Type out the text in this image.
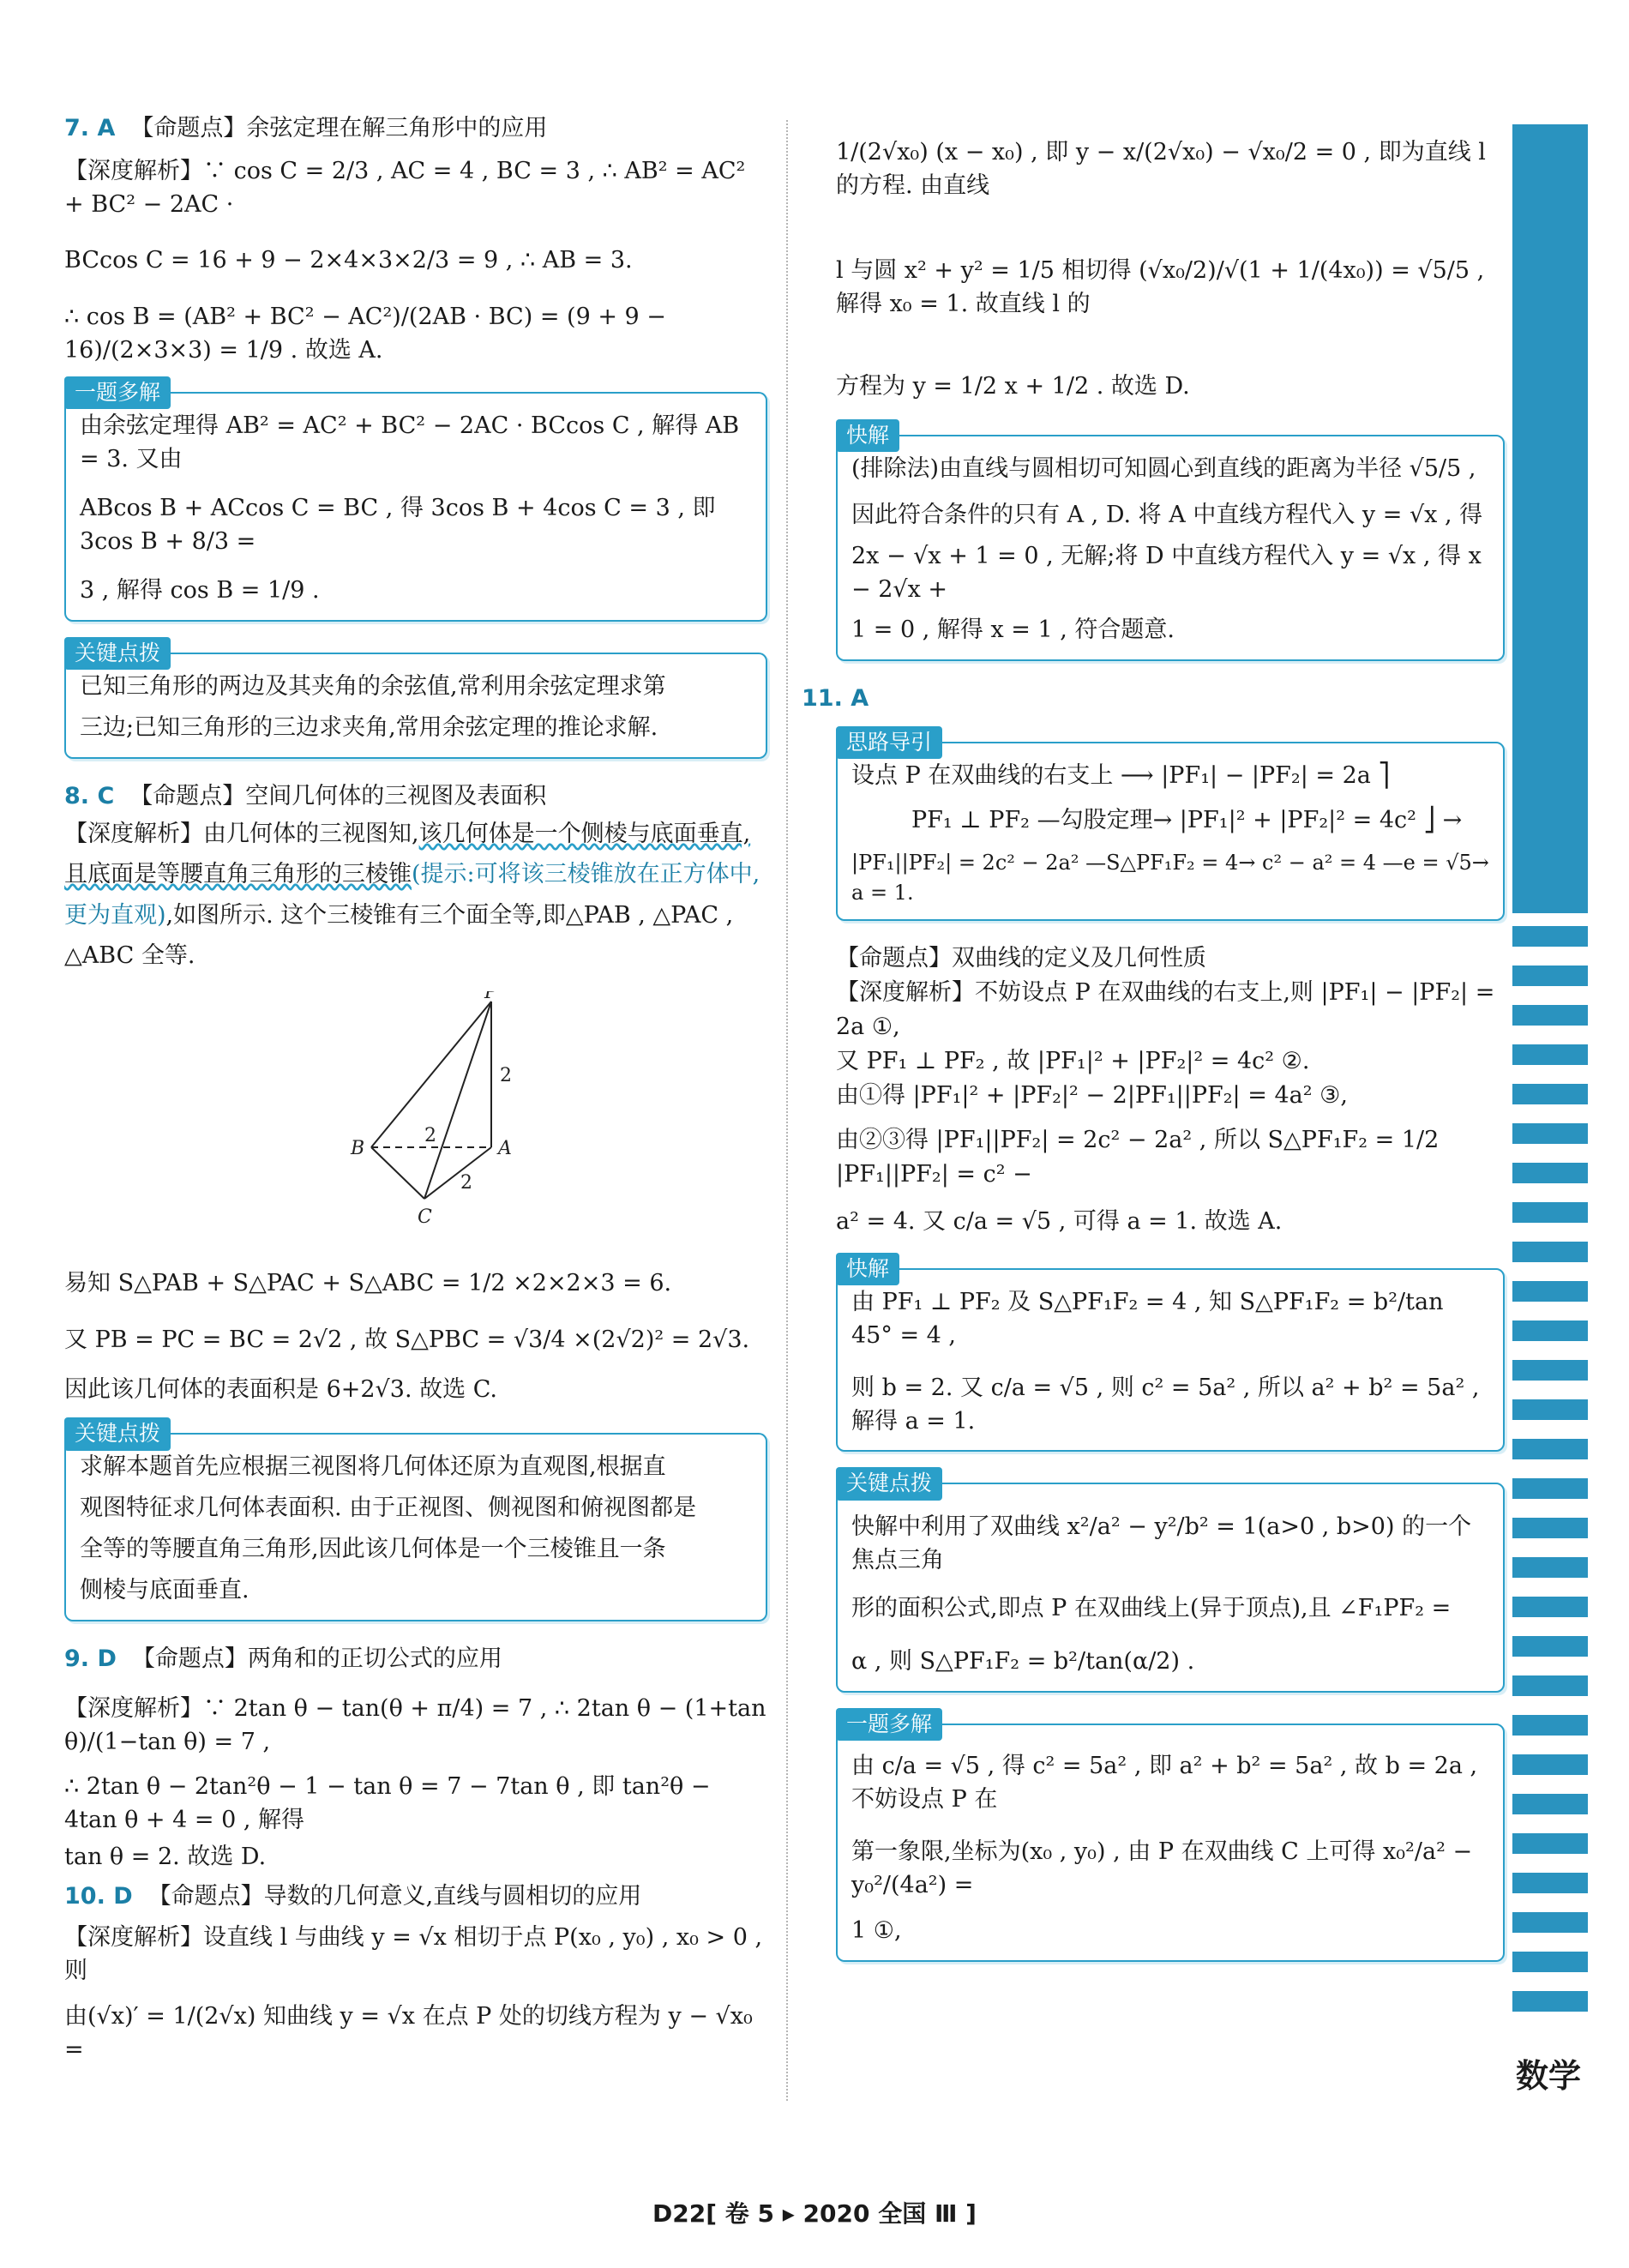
7. A 【命题点】余弦定理在解三角形中的应用
【深度解析】∵ cos C = 2/3 , AC = 4 , BC = 3 , ∴ AB² = AC² + BC² − 2AC ·
BCcos C = 16 + 9 − 2×4×3×2/3 = 9 , ∴ AB = 3.
∴ cos B = (AB² + BC² − AC²)/(2AB · BC) = (9 + 9 − 16)/(2×3×3) = 1/9 . 故选 A.
一题多解
由余弦定理得 AB² = AC² + BC² − 2AC · BCcos C , 解得 AB = 3. 又由
ABcos B + ACcos C = BC , 得 3cos B + 4cos C = 3 , 即 3cos B + 8/3 =
3 , 解得 cos B = 1/9 .
关键点拨
已知三角形的两边及其夹角的余弦值,常利用余弦定理求第
三边;已知三角形的三边求夹角,常用余弦定理的推论求解.
8. C 【命题点】空间几何体的三视图及表面积
【深度解析】由几何体的三视图知,该几何体是一个侧棱与底面垂直,且底面是等腰直角三角形的三棱锥(提示:可将该三棱锥放在正方体中,更为直观),如图所示. 这个三棱锥有三个面全等,即△PAB , △PAC , △ABC 全等.
P
A
B
C
2
2
2
易知 S△PAB + S△PAC + S△ABC = 1/2 ×2×2×3 = 6.
又 PB = PC = BC = 2√2 , 故 S△PBC = √3/4 ×(2√2)² = 2√3.
因此该几何体的表面积是 6+2√3. 故选 C.
关键点拨
求解本题首先应根据三视图将几何体还原为直观图,根据直
观图特征求几何体表面积. 由于正视图、侧视图和俯视图都是
全等的等腰直角三角形,因此该几何体是一个三棱锥且一条
侧棱与底面垂直.
9. D 【命题点】两角和的正切公式的应用
【深度解析】∵ 2tan θ − tan(θ + π/4) = 7 , ∴ 2tan θ − (1+tan θ)/(1−tan θ) = 7 ,
∴ 2tan θ − 2tan²θ − 1 − tan θ = 7 − 7tan θ , 即 tan²θ − 4tan θ + 4 = 0 , 解得
tan θ = 2. 故选 D.
10. D 【命题点】导数的几何意义,直线与圆相切的应用
【深度解析】设直线 l 与曲线 y = √x 相切于点 P(x₀ , y₀) , x₀ > 0 , 则
由(√x)′ = 1/(2√x) 知曲线 y = √x 在点 P 处的切线方程为 y − √x₀ =
1/(2√x₀) (x − x₀) , 即 y − x/(2√x₀) − √x₀/2 = 0 , 即为直线 l 的方程. 由直线
l 与圆 x² + y² = 1/5 相切得 (√x₀/2)/√(1 + 1/(4x₀)) = √5/5 , 解得 x₀ = 1. 故直线 l 的
方程为 y = 1/2 x + 1/2 . 故选 D.
快解
(排除法)由直线与圆相切可知圆心到直线的距离为半径 √5/5 ,
因此符合条件的只有 A , D. 将 A 中直线方程代入 y = √x , 得
2x − √x + 1 = 0 , 无解;将 D 中直线方程代入 y = √x , 得 x − 2√x +
1 = 0 , 解得 x = 1 , 符合题意.
11. A
思路导引
设点 P 在双曲线的右支上 ⟶ |PF₁| − |PF₂| = 2a ⎤
PF₁ ⊥ PF₂ —勾股定理→ |PF₁|² + |PF₂|² = 4c² ⎦ →
|PF₁||PF₂| = 2c² − 2a² —S△PF₁F₂ = 4→ c² − a² = 4 —e = √5→ a = 1.
【命题点】双曲线的定义及几何性质
【深度解析】不妨设点 P 在双曲线的右支上,则 |PF₁| − |PF₂| =
2a ①,
又 PF₁ ⊥ PF₂ , 故 |PF₁|² + |PF₂|² = 4c² ②.
由①得 |PF₁|² + |PF₂|² − 2|PF₁||PF₂| = 4a² ③,
由②③得 |PF₁||PF₂| = 2c² − 2a² , 所以 S△PF₁F₂ = 1/2 |PF₁||PF₂| = c² −
a² = 4. 又 c/a = √5 , 可得 a = 1. 故选 A.
快解
由 PF₁ ⊥ PF₂ 及 S△PF₁F₂ = 4 , 知 S△PF₁F₂ = b²/tan 45° = 4 ,
则 b = 2. 又 c/a = √5 , 则 c² = 5a² , 所以 a² + b² = 5a² , 解得 a = 1.
关键点拨
快解中利用了双曲线 x²/a² − y²/b² = 1(a>0 , b>0) 的一个焦点三角
形的面积公式,即点 P 在双曲线上(异于顶点),且 ∠F₁PF₂ =
α , 则 S△PF₁F₂ = b²/tan(α/2) .
一题多解
由 c/a = √5 , 得 c² = 5a² , 即 a² + b² = 5a² , 故 b = 2a , 不妨设点 P 在
第一象限,坐标为(x₀ , y₀) , 由 P 在双曲线 C 上可得 x₀²/a² − y₀²/(4a²) =
1 ①,
数学
D22[ 卷 5 ▸ 2020 全国 Ⅲ ]
